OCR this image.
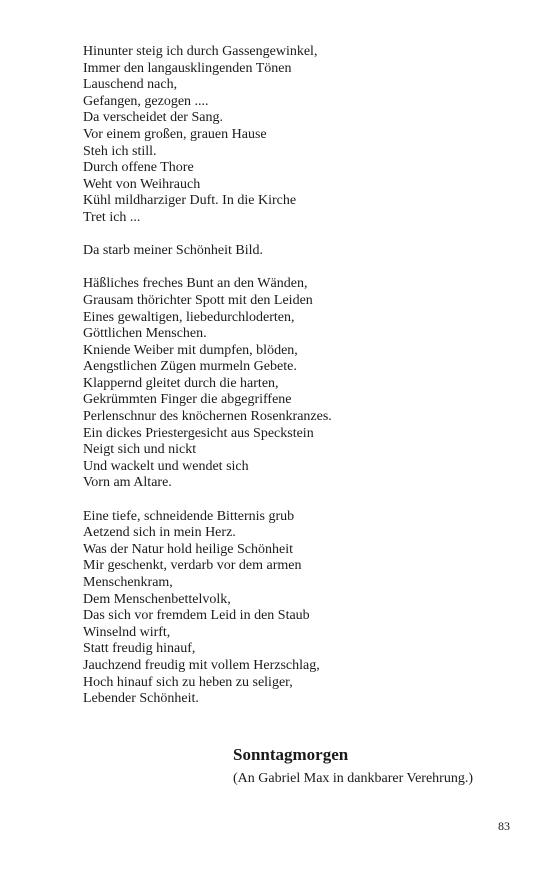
Hinunter steig ich durch Gassengewinkel,
Immer den langausklingenden Tönen
Lauschend nach,
Gefangen, gezogen ....
Da verscheidet der Sang.
Vor einem großen, grauen Hause
Steh ich still.
Durch offene Thore
Weht von Weihrauch
Kühl mildharziger Duft. In die Kirche
Tret ich ...
Da starb meiner Schönheit Bild.
Häßliches freches Bunt an den Wänden,
Grausam thörichter Spott mit den Leiden
Eines gewaltigen, liebedurchloderten,
Göttlichen Menschen.
Kniende Weiber mit dumpfen, blöden,
Aengstlichen Zügen murmeln Gebete.
Klappernd gleitet durch die harten,
Gekrümmten Finger die abgegriffene
Perlenschnur des knöchernen Rosenkranzes.
Ein dickes Priestergesicht aus Speckstein
Neigt sich und nickt
Und wackelt und wendet sich
Vorn am Altare.
Eine tiefe, schneidende Bitternis grub
Aetzend sich in mein Herz.
Was der Natur hold heilige Schönheit
Mir geschenkt, verdarb vor dem armen
Menschenkram,
Dem Menschenbettelvolk,
Das sich vor fremdem Leid in den Staub
Winselnd wirft,
Statt freudig hinauf,
Jauchzend freudig mit vollem Herzschlag,
Hoch hinauf sich zu heben zu seliger,
Lebender Schönheit.
Sonntagmorgen
(An Gabriel Max in dankbarer Verehrung.)
83
